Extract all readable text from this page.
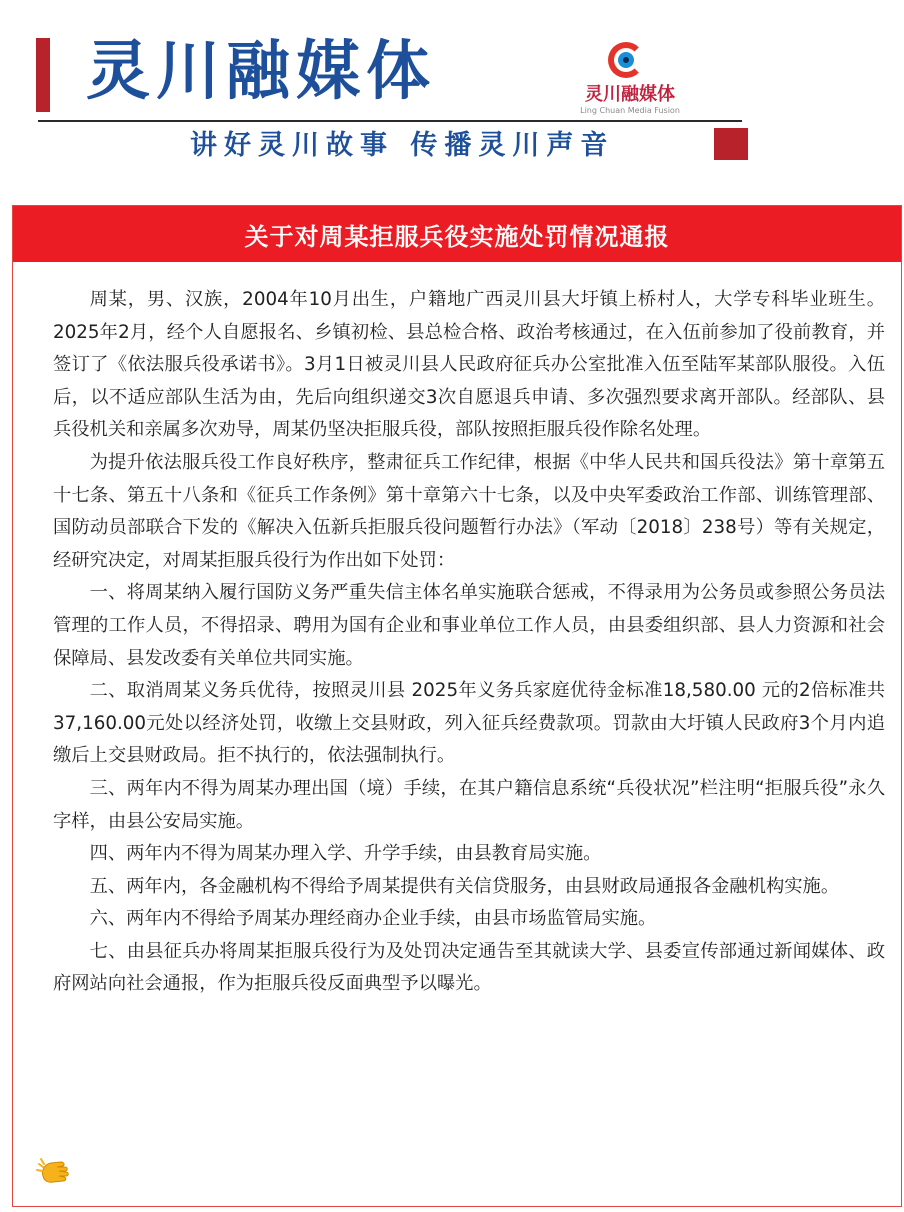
灵川融媒体	灵川融媒体
Ling Chuan Media Fusion
讲好灵川故事 传播灵川声音
关于对周某拒服兵役实施处罚情况通报

周某，男、汉族，2004年10月出生，户籍地广西灵川县大圩镇上桥村人，大学专科毕业班生。2025年2月，经个人自愿报名、乡镇初检、县总检合格、政治考核通过，在入伍前参加了役前教育，并签订了《依法服兵役承诺书》。3月1日被灵川县人民政府征兵办公室批准入伍至陆军某部队服役。入伍后，以不适应部队生活为由，先后向组织递交3次自愿退兵申请、多次强烈要求离开部队。经部队、县兵役机关和亲属多次劝导，周某仍坚决拒服兵役，部队按照拒服兵役作除名处理。

为提升依法服兵役工作良好秩序，整肃征兵工作纪律，根据《中华人民共和国兵役法》第十章第五十七条、第五十八条和《征兵工作条例》第十章第六十七条，以及中央军委政治工作部、训练管理部、国防动员部联合下发的《解决入伍新兵拒服兵役问题暂行办法》（军动〔2018〕238号）等有关规定，经研究决定，对周某拒服兵役行为作出如下处罚：

一、将周某纳入履行国防义务严重失信主体名单实施联合惩戒，不得录用为公务员或参照公务员法管理的工作人员，不得招录、聘用为国有企业和事业单位工作人员，由县委组织部、县人力资源和社会保障局、县发改委有关单位共同实施。

二、取消周某义务兵优待，按照灵川县 2025年义务兵家庭优待金标准18,580.00 元的2倍标准共 37,160.00元处以经济处罚，收缴上交县财政，列入征兵经费款项。罚款由大圩镇人民政府3个月内追缴后上交县财政局。拒不执行的，依法强制执行。

三、两年内不得为周某办理出国（境）手续，在其户籍信息系统“兵役状况”栏注明“拒服兵役”永久字样，由县公安局实施。

四、两年内不得为周某办理入学、升学手续，由县教育局实施。

五、两年内，各金融机构不得给予周某提供有关信贷服务，由县财政局通报各金融机构实施。

六、两年内不得给予周某办理经商办企业手续，由县市场监管局实施。

七、由县征兵办将周某拒服兵役行为及处罚决定通告至其就读大学、县委宣传部通过新闻媒体、政府网站向社会通报，作为拒服兵役反面典型予以曝光。
